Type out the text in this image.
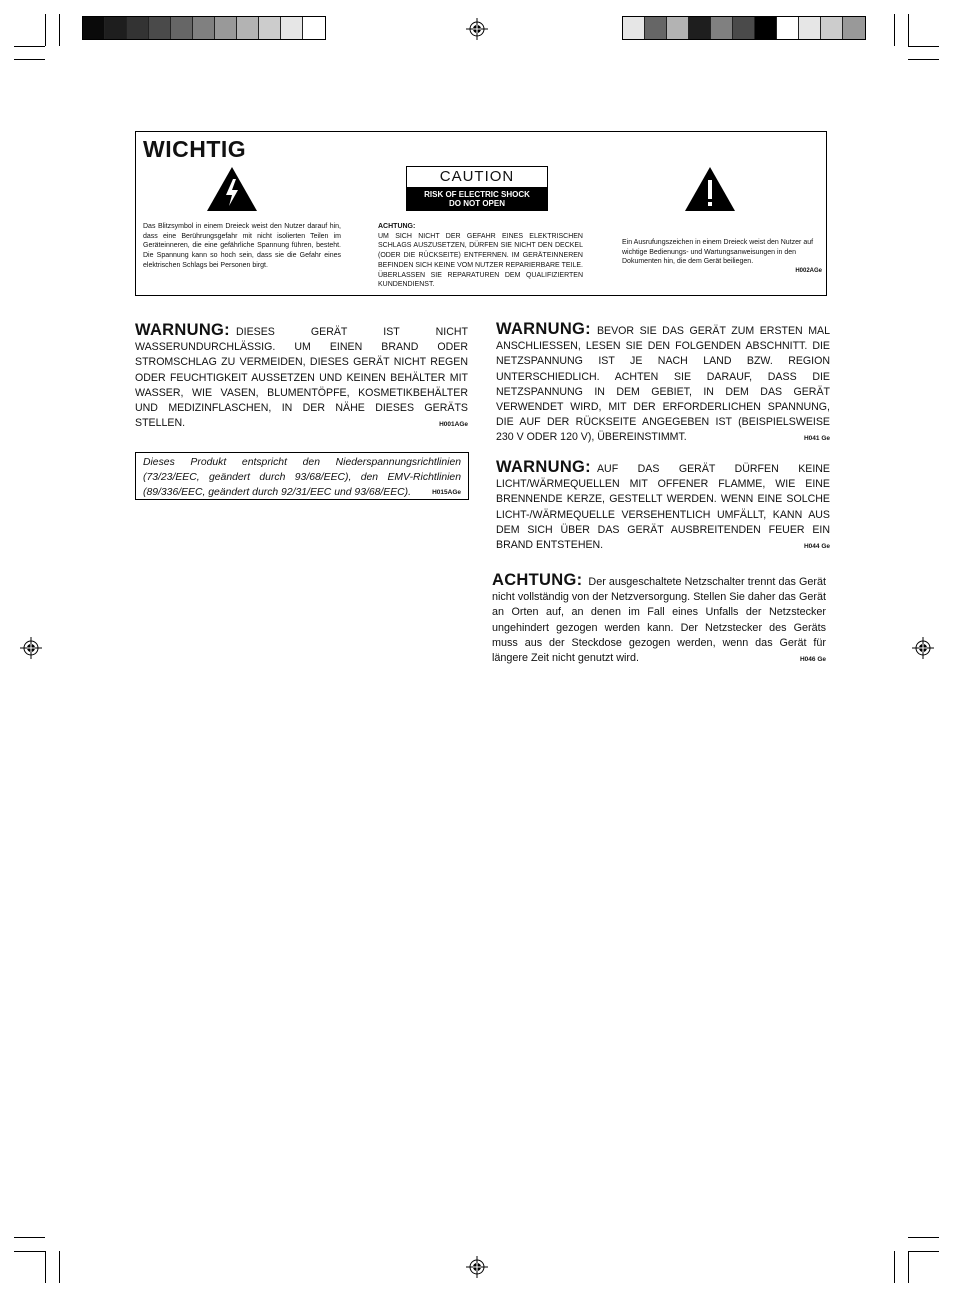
WICHTIG
CAUTION
RISK OF ELECTRIC SHOCK
DO NOT OPEN
Das Blitzsymbol in einem Dreieck weist den Nutzer darauf hin, dass eine Berührungsgefahr mit nicht isolierten Teilen im Geräteinneren, die eine gefährliche Spannung führen, besteht. Die Spannung kann so hoch sein, dass sie die Gefahr eines elektrischen Schlags bei Personen birgt.
ACHTUNG:
UM SICH NICHT DER GEFAHR EINES ELEKTRISCHEN SCHLAGS AUSZUSETZEN, DÜRFEN SIE NICHT DEN DECKEL (ODER DIE RÜCKSEITE) ENTFERNEN. IM GERÄTEINNEREN BEFINDEN SICH KEINE VOM NUTZER REPARIERBARE TEILE. ÜBERLASSEN SIE REPARATUREN DEM QUALIFIZIERTEN KUNDENDIENST.
Ein Ausrufungszeichen in einem Dreieck weist den Nutzer auf wichtige Bedienungs- und Wartungsanweisungen in den Dokumenten hin, die dem Gerät beiliegen.
H002AGe
WARNUNG: DIESES GERÄT IST NICHT WASSERUNDURCHLÄSSIG. UM EINEN BRAND ODER STROMSCHLAG ZU VERMEIDEN, DIESES GERÄT NICHT REGEN ODER FEUCHTIGKEIT AUSSETZEN UND KEINEN BEHÄLTER MIT WASSER, WIE VASEN, BLUMENTÖPFE, KOSMETIKBEHÄLTER UND MEDIZINFLASCHEN, IN DER NÄHE DIESES GERÄTS STELLEN.	H001AGe
Dieses Produkt entspricht den Niederspannungsrichtlinien (73/23/EEC, geändert durch 93/68/EEC), den EMV-Richtlinien (89/336/EEC, geändert durch 92/31/EEC und 93/68/EEC).	H015AGe
WARNUNG: BEVOR SIE DAS GERÄT ZUM ERSTEN MAL ANSCHLIESSEN, LESEN SIE DEN FOLGENDEN ABSCHNITT. DIE NETZSPANNUNG IST JE NACH LAND BZW. REGION UNTERSCHIEDLICH. ACHTEN SIE DARAUF, DASS DIE NETZSPANNUNG IN DEM GEBIET, IN DEM DAS GERÄT VERWENDET WIRD, MIT DER ERFORDERLICHEN SPANNUNG, DIE AUF DER RÜCKSEITE ANGEGEBEN IST (BEISPIELSWEISE 230 V ODER 120 V), ÜBEREINSTIMMT.	H041 Ge
WARNUNG: AUF DAS GERÄT DÜRFEN KEINE LICHT/WÄRMEQUELLEN MIT OFFENER FLAMME, WIE EINE BRENNENDE KERZE, GESTELLT WERDEN. WENN EINE SOLCHE LICHT-/WÄRMEQUELLE VERSEHENTLICH UMFÄLLT, KANN AUS DEM SICH ÜBER DAS GERÄT AUSBREITENDEN FEUER EIN BRAND ENTSTEHEN.	H044 Ge
ACHTUNG: Der ausgeschaltete Netzschalter trennt das Gerät nicht vollständig von der Netzversorgung. Stellen Sie daher das Gerät an Orten auf, an denen im Fall eines Unfalls der Netzstecker ungehindert gezogen werden kann. Der Netzstecker des Geräts muss aus der Steckdose gezogen werden, wenn das Gerät für längere Zeit nicht genutzt wird.	H046 Ge
